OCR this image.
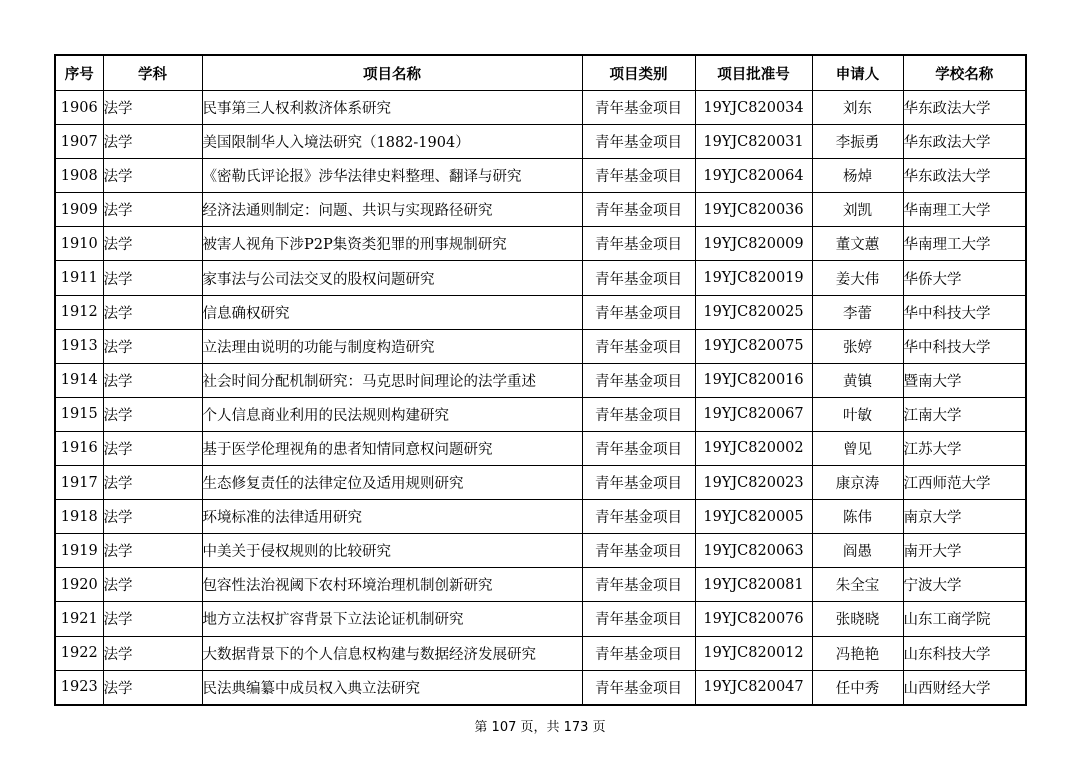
序号	学科	项目名称	项目类别	项目批准号	申请人	学校名称
1906	法学	民事第三人权利救济体系研究	青年基金项目	19YJC820034	刘东	华东政法大学
1907	法学	美国限制华人入境法研究（1882-1904）	青年基金项目	19YJC820031	李振勇	华东政法大学
1908	法学	《密勒氏评论报》涉华法律史料整理、翻译与研究	青年基金项目	19YJC820064	杨焯	华东政法大学
1909	法学	经济法通则制定：问题、共识与实现路径研究	青年基金项目	19YJC820036	刘凯	华南理工大学
1910	法学	被害人视角下涉P2P集资类犯罪的刑事规制研究	青年基金项目	19YJC820009	董文蕙	华南理工大学
1911	法学	家事法与公司法交叉的股权问题研究	青年基金项目	19YJC820019	姜大伟	华侨大学
1912	法学	信息确权研究	青年基金项目	19YJC820025	李蕾	华中科技大学
1913	法学	立法理由说明的功能与制度构造研究	青年基金项目	19YJC820075	张婷	华中科技大学
1914	法学	社会时间分配机制研究：马克思时间理论的法学重述	青年基金项目	19YJC820016	黄镇	暨南大学
1915	法学	个人信息商业利用的民法规则构建研究	青年基金项目	19YJC820067	叶敏	江南大学
1916	法学	基于医学伦理视角的患者知情同意权问题研究	青年基金项目	19YJC820002	曾见	江苏大学
1917	法学	生态修复责任的法律定位及适用规则研究	青年基金项目	19YJC820023	康京涛	江西师范大学
1918	法学	环境标准的法律适用研究	青年基金项目	19YJC820005	陈伟	南京大学
1919	法学	中美关于侵权规则的比较研究	青年基金项目	19YJC820063	阎愚	南开大学
1920	法学	包容性法治视阈下农村环境治理机制创新研究	青年基金项目	19YJC820081	朱全宝	宁波大学
1921	法学	地方立法权扩容背景下立法论证机制研究	青年基金项目	19YJC820076	张晓晓	山东工商学院
1922	法学	大数据背景下的个人信息权构建与数据经济发展研究	青年基金项目	19YJC820012	冯艳艳	山东科技大学
1923	法学	民法典编纂中成员权入典立法研究	青年基金项目	19YJC820047	任中秀	山西财经大学
第 107 页，共 173 页
